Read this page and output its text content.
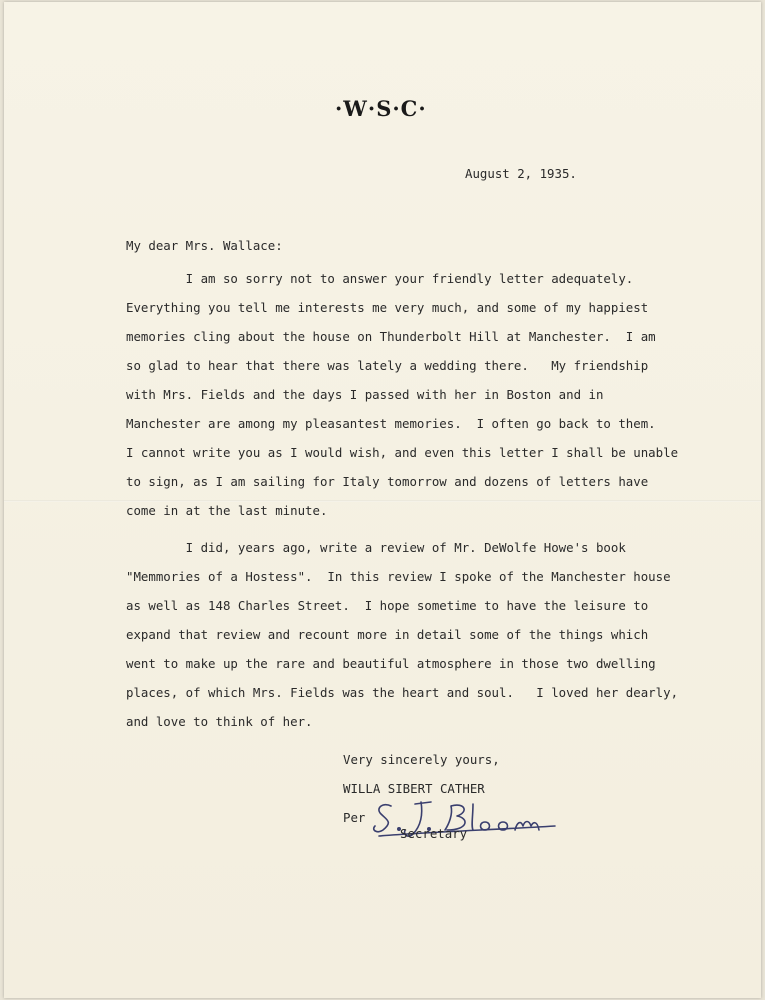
·W·S·C·
August 2, 1935.
My dear Mrs. Wallace:
I am so sorry not to answer your friendly letter adequately.
Everything you tell me interests me very much, and some of my happiest
memories cling about the house on Thunderbolt Hill at Manchester.  I am
so glad to hear that there was lately a wedding there.   My friendship
with Mrs. Fields and the days I passed with her in Boston and in
Manchester are among my pleasantest memories.  I often go back to them.
I cannot write you as I would wish, and even this letter I shall be unable
to sign, as I am sailing for Italy tomorrow and dozens of letters have
come in at the last minute.
I did, years ago, write a review of Mr. DeWolfe Howe's book
"Memmories of a Hostess".  In this review I spoke of the Manchester house
as well as 148 Charles Street.  I hope sometime to have the leisure to
expand that review and recount more in detail some of the things which
went to make up the rare and beautiful atmosphere in those two dwelling
places, of which Mrs. Fields was the heart and soul.   I loved her dearly,
and love to think of her.
Very sincerely yours,
WILLA SIBERT CATHER
Per
Secretary
